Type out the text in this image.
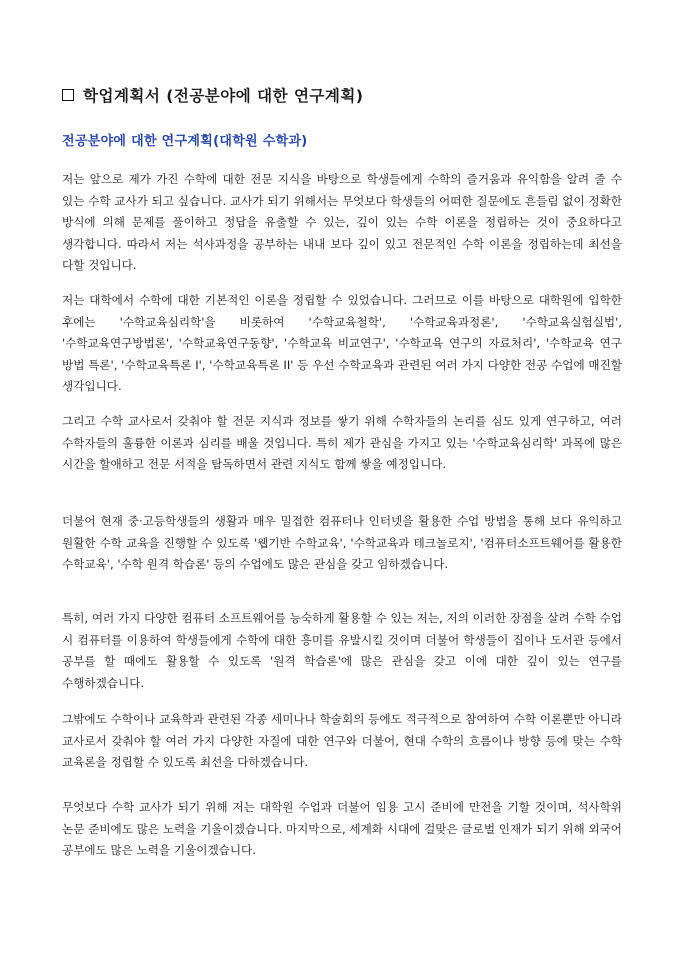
학업계획서 (전공분야에 대한 연구계획)
전공분야에 대한 연구계획(대학원 수학과)

저는 앞으로 제가 가진 수학에 대한 전문 지식을 바탕으로 학생들에게 수학의 즐거움과 유익함을 알려 줄 수 있는 수학 교사가 되고 싶습니다. 교사가 되기 위해서는 무엇보다 학생들의 어떠한 질문에도 흔들림 없이 정확한 방식에 의해 문제를 풀이하고 정답을 유출할 수 있는, 깊이 있는 수학 이론을 정립하는 것이 중요하다고 생각합니다. 따라서 저는 석사과정을 공부하는 내내 보다 깊이 있고 전문적인 수학 이론을 정립하는데 최선을 다할 것입니다.

저는 대학에서 수학에 대한 기본적인 이론을 정립할 수 있었습니다. 그러므로 이를 바탕으로 대학원에 입학한 후에는 '수학교육심리학'을 비롯하여 '수학교육철학', '수학교육과정론', '수학교육실험실법', '수학교육연구방법론', '수학교육연구동향', '수학교육 비교연구', '수학교육 연구의 자료처리', '수학교육 연구 방법 특론', '수학교육특론 I', '수학교육특론 II' 등 우선 수학교육과 관련된 여러 가지 다양한 전공 수업에 매진할 생각입니다.

그리고 수학 교사로서 갖춰야 할 전문 지식과 정보를 쌓기 위해 수학자들의 논리를 심도 있게 연구하고, 여러 수학자들의 훌륭한 이론과 심리를 배울 것입니다. 특히 제가 관심을 가지고 있는 '수학교육심리학' 과목에 많은 시간을 할애하고 전문 서적을 탐독하면서 관련 지식도 함께 쌓을 예정입니다.

더불어 현재 중·고등학생들의 생활과 매우 밀접한 컴퓨터나 인터넷을 활용한 수업 방법을 통해 보다 유익하고 원활한 수학 교육을 진행할 수 있도록 '웹기반 수학교육', '수학교육과 테크놀로지', '컴퓨터소프트웨어를 활용한 수학교육', '수학 원격 학습론' 등의 수업에도 많은 관심을 갖고 임하겠습니다.

특히, 여러 가지 다양한 컴퓨터 소프트웨어를 능숙하게 활용할 수 있는 저는, 저의 이러한 장점을 살려 수학 수업 시 컴퓨터를 이용하여 학생들에게 수학에 대한 흥미를 유발시킬 것이며 더불어 학생들이 집이나 도서관 등에서 공부를 할 때에도 활용할 수 있도록 '원격 학습론'에 많은 관심을 갖고 이에 대한 깊이 있는 연구를 수행하겠습니다.

그밖에도 수학이나 교육학과 관련된 각종 세미나나 학술회의 등에도 적극적으로 참여하여 수학 이론뿐만 아니라 교사로서 갖춰야 할 여러 가지 다양한 자질에 대한 연구와 더불어, 현대 수학의 흐름이나 방향 등에 맞는 수학 교육론을 정립할 수 있도록 최선을 다하겠습니다.

무엇보다 수학 교사가 되기 위해 저는 대학원 수업과 더불어 임용 고시 준비에 만전을 기할 것이며, 석사학위 논문 준비에도 많은 노력을 기울이겠습니다. 마지막으로, 세계화 시대에 걸맞은 글로벌 인재가 되기 위해 외국어 공부에도 많은 노력을 기울이겠습니다.
